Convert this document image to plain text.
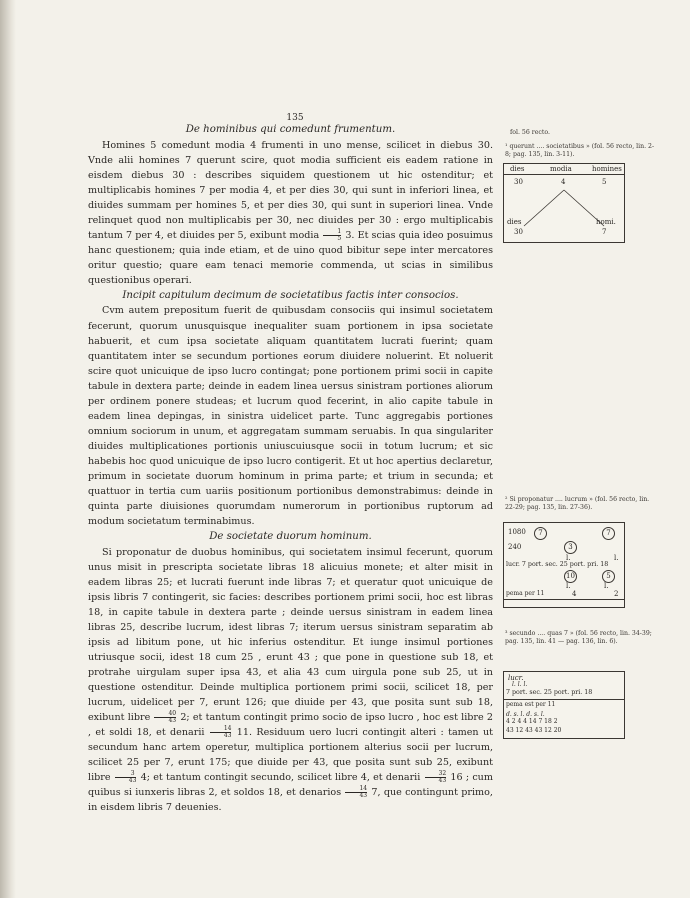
135
De hominibus qui comedunt frumentum.

Homines 5 comedunt modia 4 frumenti in uno mense, scilicet in diebus 30. Vnde alii homines 7 querunt scire, quot modia sufficient eis eadem ratione in eisdem diebus 30 : describes siquidem questionem ut hic ostenditur; et multiplicabis homines 7 per modia 4, et per dies 30, qui sunt in inferiori linea, et diuides summam per homines 5, et per dies 30, qui sunt in superiori linea. Vnde relinquet quod non multiplicabis per 30, nec diuides per 30 : ergo multiplicabis tantum 7 per 4, et diuides per 5, exibunt modia $\frac{1}{5} 3$. Et scias quia ideo posuimus hanc questionem; quia inde etiam, et de uino quod bibitur sepe inter mercatores oritur questio; quare eam tenaci memorie commenda, ut scias in similibus questionibus operari.

Incipit capitulum decimum de societatibus factis inter consocios.

Cvm autem prepositum fuerit de quibusdam consociis qui insimul societatem fecerunt, quorum unusquisque inequaliter suam portionem in ipsa societate habuerit, et cum ipsa societate aliquam quantitatem lucrati fuerint; quam quantitatem inter se secundum portiones eorum diuidere noluerint. Et noluerit scire quot unicuique de ipso lucro contingat; pone portionem primi socii in capite tabule in dextera parte; deinde in eadem linea uersus sinistram portiones aliorum per ordinem ponere studeas; et lucrum quod fecerint, in alio capite tabule in eadem linea depingas, in sinistra uidelicet parte. Tunc aggregabis portiones omnium sociorum in unum, et aggregatam summam seruabis. In qua singulariter diuides multiplicationes portionis uniuscuiusque socii in totum lucrum; et sic habebis hoc quod unicuique de ipso lucro contigerit. Et ut hoc apertius declaretur, primum in societate duorum hominum in prima parte; et trium in secunda; et quattuor in tertia cum uariis positionum portionibus demonstrabimus: deinde in quinta parte diuisiones quorumdam numerorum in portionibus ruptorum ad modum societatum terminabimus.

De societate duorum hominum.

Si proponatur de duobus hominibus, qui societatem insimul fecerunt, quorum unus misit in prescripta societate libras 18 alicuius monete; et alter misit in eadem libras 25; et lucrati fuerunt inde libras 7; et queratur quot unicuique de ipsis libris 7 contingerit, sic facies: describes portionem primi socii, hoc est libras 18, in capite tabule in dextera parte ; deinde uersus sinistram in eadem linea libras 25, describe lucrum, idest libras 7; iterum uersus sinistram separatim ab ipsis ad libitum pone, ut hic inferius ostenditur. Et iunge insimul portiones utriusque socii, idest 18 cum 25 , erunt 43 ; que pone in questione sub 18, et protrahe uirgulam super ipsa 43, et alia 43 cum uirgula pone sub 25, ut in questione ostenditur. Deinde multiplica portionem primi socii, scilicet 18, per lucrum, uidelicet per 7, erunt 126; que diuide per 43, que posita sunt sub 18, exibunt libre $\frac{40}{43} 2$; et tantum contingit primo socio de ipso lucro , hoc est libre 2 , et soldi 18, et denarii $\frac{14}{43} 11$. Residuum uero lucri contingit alteri : tamen ut secundum hanc artem operetur, multiplica portionem alterius socii per lucrum, scilicet 25 per 7, erunt 175; que diuide per 43, que posita sunt sub 25, exibunt libre $\frac{3}{43} 4$; et tantum contingit secundo, scilicet libre 4, et denarii $\frac{32}{43} 16$ ; cum quibus si iunxeris libras 2, et soldos 18, et denarios $\frac{14}{43} 7$, que contingunt primo, in eisdem libris 7 deuenies.

fol. 56 recto.
¹ querunt .... societatibus » (fol. 56 recto, lin. 2-8; pag. 135, lin. 3-11).
dies	modia	homines
30	4	5
dies	homi.
30	7
² Si proponatur .... lucrum » (fol. 56 recto, lin. 22-29; pag. 135, lin. 27-36).
1080	7	7
240	3
l.	l.
lucr. 7 port. sec. 25 port. pri. 18
10	5
l.	l.
pema per 11	4	2
³ secundo .... quas 7 » (fol. 56 recto, lin. 34-39; pag. 135, lin. 41 — pag. 136, lin. 6).
lucr.
l. l. l.
7 port. sec. 25 port. pri. 18
pema est per 11
d. s. l. d. s. l.
4 2 4 4 14 7 18 2
43 12 43 43 12 20
